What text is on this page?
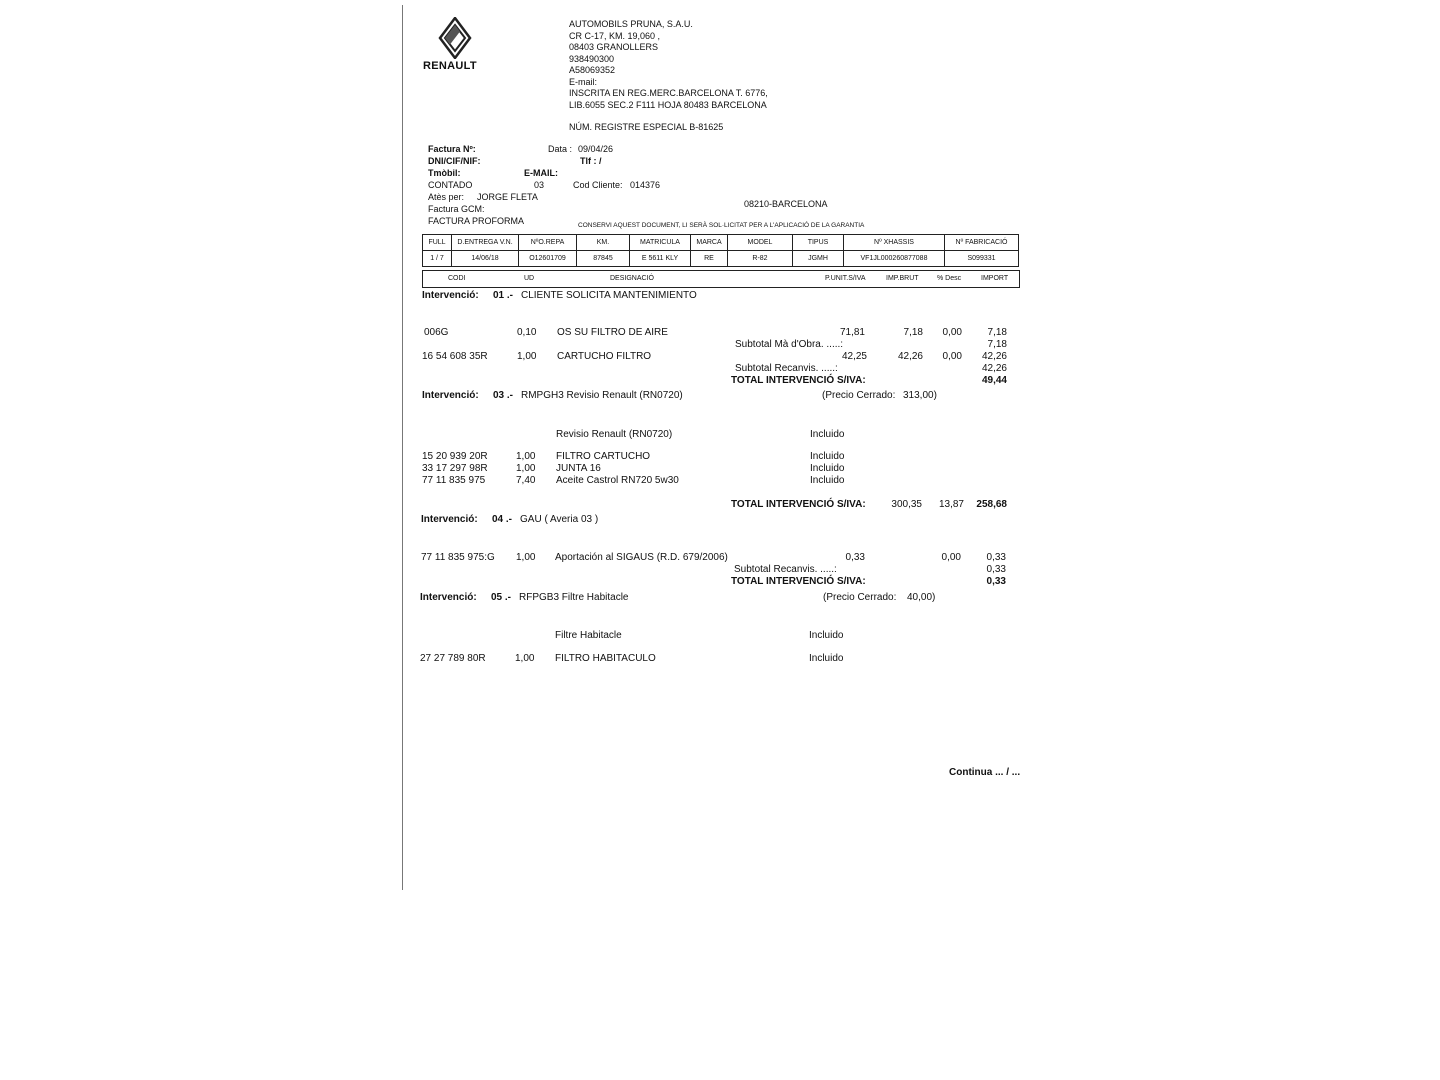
RENAULT
AUTOMOBILS PRUNA, S.A.U.
CR C-17, KM. 19,060 ,
08403 GRANOLLERS
938490300
A58069352
E-mail:
INSCRITA EN REG.MERC.BARCELONA T. 6776,
LIB.6055 SEC.2 F111 HOJA 80483 BARCELONA
NÚM. REGISTRE ESPECIAL B-81625
Factura Nº:
DNI/CIF/NIF:
Tmòbil:
CONTADO	03
Atès per: JORGE FLETA
Factura GCM:
FACTURA PROFORMA
Data : 09/04/26
Tlf : /
E-MAIL:
Cod Cliente: 014376
08210-BARCELONA
CONSERVI AQUEST DOCUMENT, LI SERÀ SOL·LICITAT PER A L'APLICACIÓ DE LA GARANTIA
FULL	D.ENTREGA V.N.	NºO.REPA	KM.	MATRICULA	MARCA	MODEL	TIPUS	Nº XHASSIS	Nº FABRICACIÓ
1 / 7	14/06/18	O12601709	87845	E 5611 KLY	RE	R-82	JGMH	VF1JL000260877088	S099331
CODI	UD	DESIGNACIÓ	P.UNIT.S/IVA	IMP.BRUT	% Desc	IMPORT
Intervenció: 01 .- CLIENTE SOLICITA MANTENIMIENTO
006G	0,10 OS SU FILTRO DE AIRE	71,81	7,18	0,00	7,18
Subtotal Mà d'Obra. .....:	7,18
16 54 608 35R	1,00 CARTUCHO FILTRO	42,25	42,26	0,00	42,26
Subtotal Recanvis. .....:	42,26
TOTAL INTERVENCIÓ S/IVA:	49,44
Intervenció: 03 .- RMPGH3 Revisio Renault (RN0720)	(Precio Cerrado: 313,00)
Revisio Renault (RN0720)	Incluido
15 20 939 20R	1,00 FILTRO CARTUCHO	Incluido
33 17 297 98R	1,00 JUNTA 16	Incluido
77 11 835 975	7,40 Aceite Castrol RN720 5w30	Incluido
TOTAL INTERVENCIÓ S/IVA:	300,35	13,87	258,68
Intervenció: 04 .- GAU ( Averia 03 )
77 11 835 975:G 1,00 Aportación al SIGAUS (R.D. 679/2006)	0,33	0,00	0,33
Subtotal Recanvis. .....:	0,33
TOTAL INTERVENCIÓ S/IVA:	0,33
Intervenció: 05 .- RFPGB3 Filtre Habitacle	(Precio Cerrado: 40,00)
Filtre Habitacle	Incluido
27 27 789 80R	1,00 FILTRO HABITACULO	Incluido
Continua ... / ...
